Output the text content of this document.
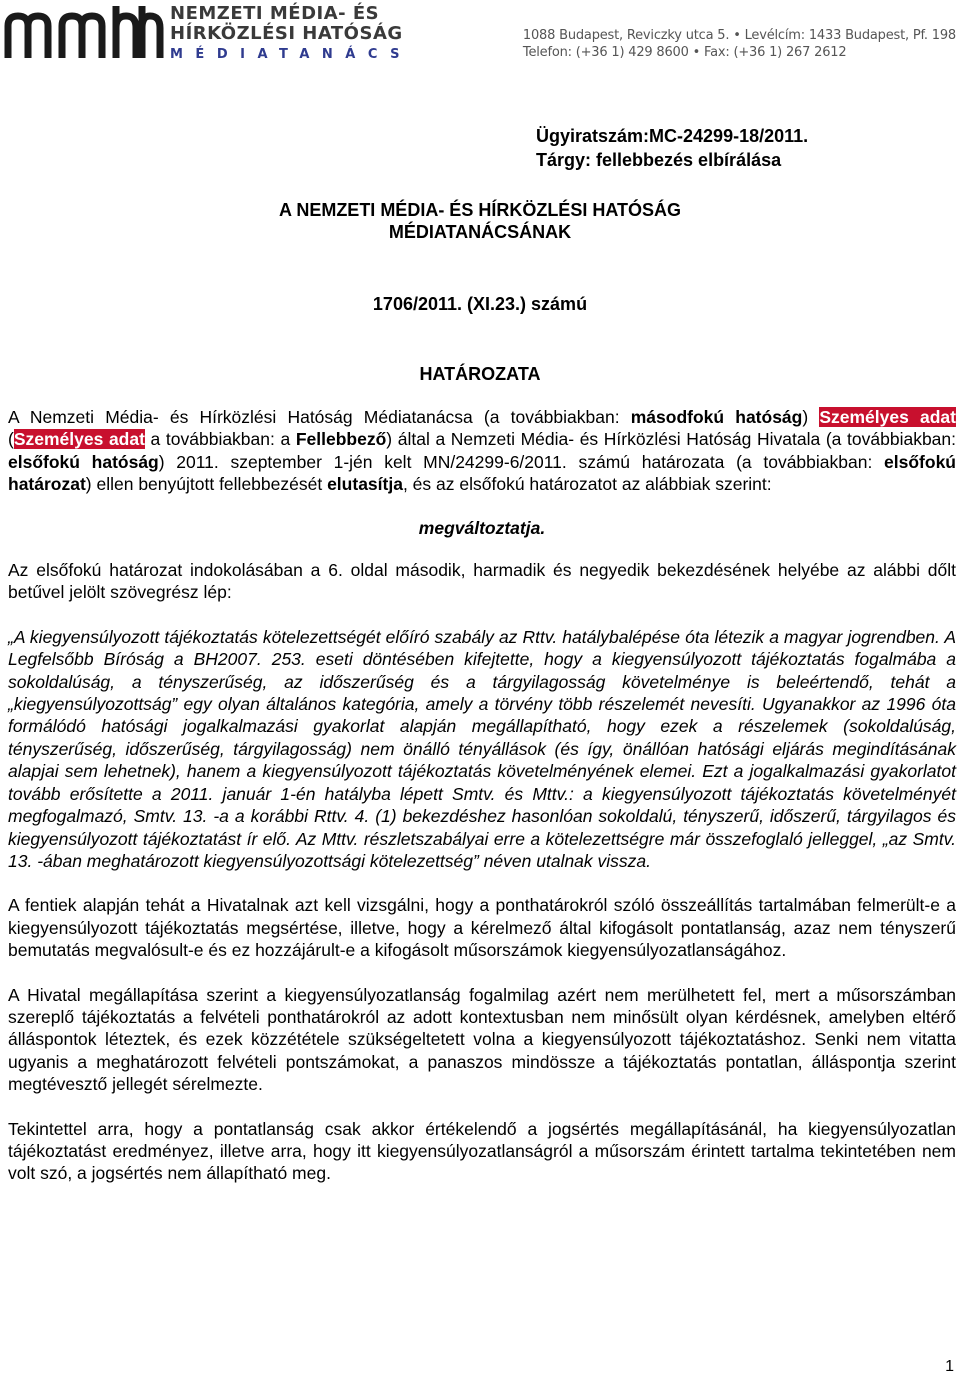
NEMZETI MÉDIA- ÉS
HÍRKÖZLÉSI HATÓSÁG
MÉDIATANÁCS
1088 Budapest, Reviczky utca 5. • Levélcím: 1433 Budapest, Pf. 198
Telefon: (+36 1) 429 8600 • Fax: (+36 1) 267 2612
Ügyiratszám:MC-24299-18/2011.
Tárgy: fellebbezés elbírálása
A NEMZETI MÉDIA- ÉS HÍRKÖZLÉSI HATÓSÁG
MÉDIATANÁCSÁNAK
1706/2011. (XI.23.) számú
HATÁROZATA

A Nemzeti Média- és Hírközlési Hatóság Médiatanácsa (a továbbiakban: másodfokú hatóság) Személyes adat (Személyes adat a továbbiakban: a Fellebbező) által a Nemzeti Média- és Hírközlési Hatóság Hivatala (a továbbiakban: elsőfokú hatóság) 2011. szeptember 1-jén kelt MN/24299-6/2011. számú határozata (a továbbiakban: elsőfokú határozat) ellen benyújtott fellebbezését elutasítja, és az elsőfokú határozatot az alábbiak szerint:

megváltoztatja.

Az elsőfokú határozat indokolásában a 6. oldal második, harmadik és negyedik bekezdésének helyébe az alábbi dőlt betűvel jelölt szövegrész lép:

„A kiegyensúlyozott tájékoztatás kötelezettségét előíró szabály az Rttv. hatálybalépése óta létezik a magyar jogrendben. A Legfelsőbb Bíróság a BH2007. 253. eseti döntésében kifejtette, hogy a kiegyensúlyozott tájékoztatás fogalmába a sokoldalúság, a tényszerűség, az időszerűség és a tárgyilagosság követelménye is beleértendő, tehát a „kiegyensúlyozottság” egy olyan általános kategória, amely a törvény több részelemét nevesíti. Ugyanakkor az 1996 óta formálódó hatósági jogalkalmazási gyakorlat alapján megállapítható, hogy ezek a részelemek (sokoldalúság, tényszerűség, időszerűség, tárgyilagosság) nem önálló tényállások (és így, önállóan hatósági eljárás megindításának alapjai sem lehetnek), hanem a kiegyensúlyozott tájékoztatás követelményének elemei. Ezt a jogalkalmazási gyakorlatot tovább erősítette a 2011. január 1-én hatályba lépett Smtv. és Mttv.: a kiegyensúlyozott tájékoztatás követelményét megfogalmazó, Smtv. 13. -a a korábbi Rttv. 4. (1) bekezdéshez hasonlóan sokoldalú, tényszerű, időszerű, tárgyilagos és kiegyensúlyozott tájékoztatást ír elő. Az Mttv. részletszabályai erre a kötelezettségre már összefoglaló jelleggel, „az Smtv. 13. -ában meghatározott kiegyensúlyozottsági kötelezettség” néven utalnak vissza.

A fentiek alapján tehát a Hivatalnak azt kell vizsgálni, hogy a ponthatárokról szóló összeállítás tartalmában felmerült-e a kiegyensúlyozott tájékoztatás megsértése, illetve, hogy a kérelmező által kifogásolt pontatlanság, azaz nem tényszerű bemutatás megvalósult-e és ez hozzájárult-e a kifogásolt műsorszámok kiegyensúlyozatlanságához.

A Hivatal megállapítása szerint a kiegyensúlyozatlanság fogalmilag azért nem merülhetett fel, mert a műsorszámban szereplő tájékoztatás a felvételi ponthatárokról az adott kontextusban nem minősült olyan kérdésnek, amelyben eltérő álláspontok léteztek, és ezek közzététele szükségeltetett volna a kiegyensúlyozott tájékoztatáshoz. Senki nem vitatta ugyanis a meghatározott felvételi pontszámokat, a panaszos mindössze a tájékoztatás pontatlan, álláspontja szerint megtévesztő jellegét sérelmezte.

Tekintettel arra, hogy a pontatlanság csak akkor értékelendő a jogsértés megállapításánál, ha kiegyensúlyozatlan tájékoztatást eredményez, illetve arra, hogy itt kiegyensúlyozatlanságról a műsorszám érintett tartalma tekintetében nem volt szó, a jogsértés nem állapítható meg.

1
